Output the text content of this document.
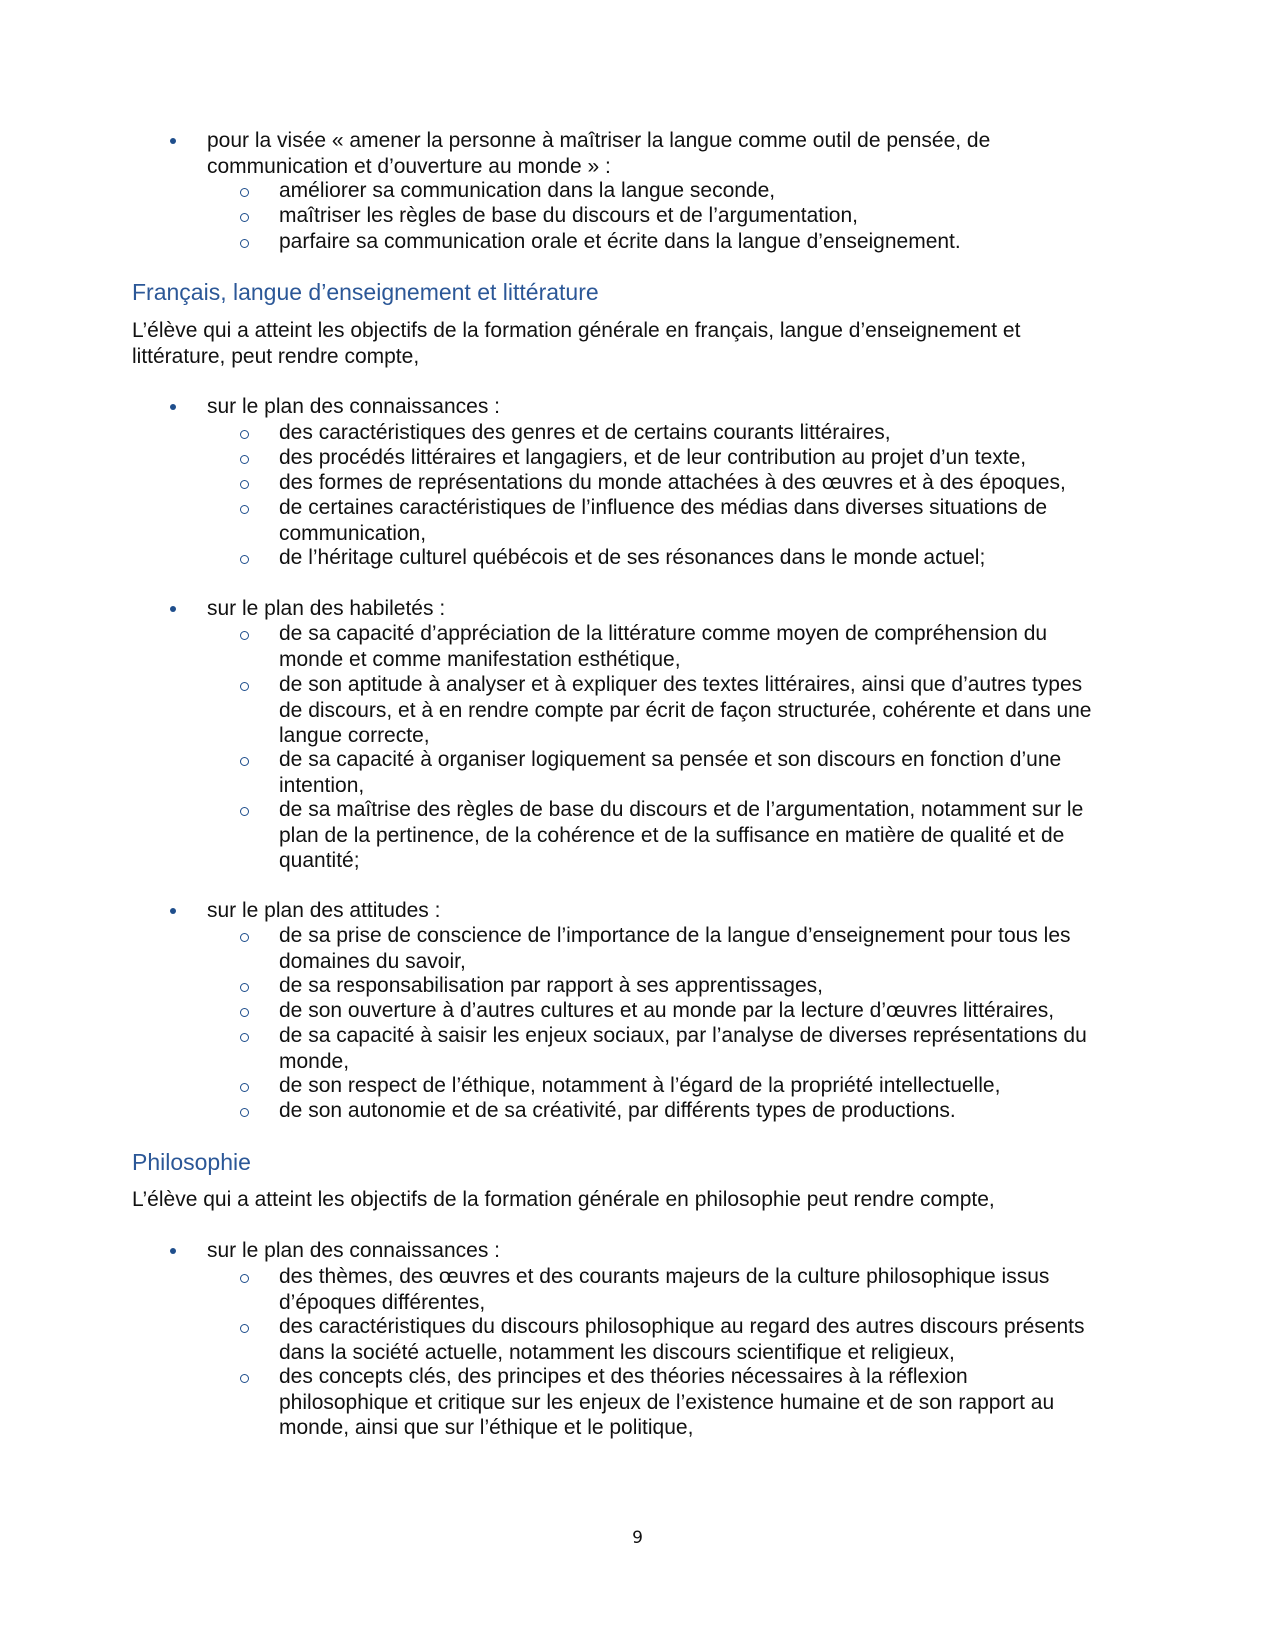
pour la visée « amener la personne à maîtriser la langue comme outil de pensée, de communication et d’ouverture au monde » :
améliorer sa communication dans la langue seconde,
maîtriser les règles de base du discours et de l’argumentation,
parfaire sa communication orale et écrite dans la langue d’enseignement.
Français, langue d’enseignement et littérature
L’élève qui a atteint les objectifs de la formation générale en français, langue d’enseignement et littérature, peut rendre compte,
sur le plan des connaissances :
des caractéristiques des genres et de certains courants littéraires,
des procédés littéraires et langagiers, et de leur contribution au projet d’un texte,
des formes de représentations du monde attachées à des œuvres et à des époques,
de certaines caractéristiques de l’influence des médias dans diverses situations de communication,
de l’héritage culturel québécois et de ses résonances dans le monde actuel;
sur le plan des habiletés :
de sa capacité d’appréciation de la littérature comme moyen de compréhension du monde et comme manifestation esthétique,
de son aptitude à analyser et à expliquer des textes littéraires, ainsi que d’autres types de discours, et à en rendre compte par écrit de façon structurée, cohérente et dans une langue correcte,
de sa capacité à organiser logiquement sa pensée et son discours en fonction d’une intention,
de sa maîtrise des règles de base du discours et de l’argumentation, notamment sur le plan de la pertinence, de la cohérence et de la suffisance en matière de qualité et de quantité;
sur le plan des attitudes :
de sa prise de conscience de l’importance de la langue d’enseignement pour tous les domaines du savoir,
de sa responsabilisation par rapport à ses apprentissages,
de son ouverture à d’autres cultures et au monde par la lecture d’œuvres littéraires,
de sa capacité à saisir les enjeux sociaux, par l’analyse de diverses représentations du monde,
de son respect de l’éthique, notamment à l’égard de la propriété intellectuelle,
de son autonomie et de sa créativité, par différents types de productions.
Philosophie
L’élève qui a atteint les objectifs de la formation générale en philosophie peut rendre compte,
sur le plan des connaissances :
des thèmes, des œuvres et des courants majeurs de la culture philosophique issus d’époques différentes,
des caractéristiques du discours philosophique au regard des autres discours présents dans la société actuelle, notamment les discours scientifique et religieux,
des concepts clés, des principes et des théories nécessaires à la réflexion philosophique et critique sur les enjeux de l’existence humaine et de son rapport au monde, ainsi que sur l’éthique et le politique,
9
